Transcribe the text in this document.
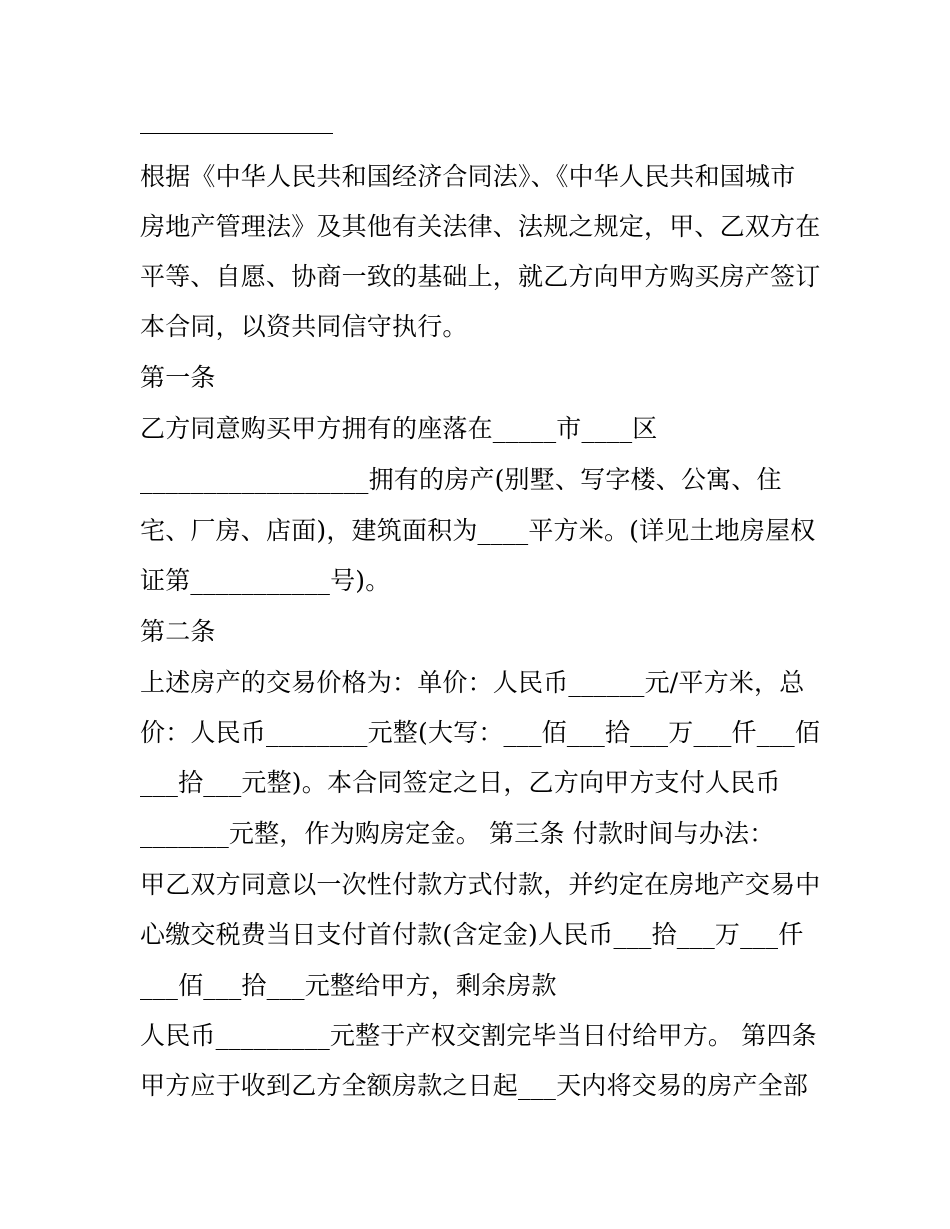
根据《中华人民共和国经济合同法》、《中华人民共和国城市

房地产管理法》及其他有关法律、法规之规定，甲、乙双方在

平等、自愿、协商一致的基础上，就乙方向甲方购买房产签订

本合同，以资共同信守执行。

第一条

乙方同意购买甲方拥有的座落在_____市____区

__________________拥有的房产(别墅、写字楼、公寓、住

宅、厂房、店面)，建筑面积为____平方米。(详见土地房屋权

证第___________号)。

第二条

上述房产的交易价格为：单价：人民币______元/平方米，总

价：人民币________元整(大写：___佰___拾___万___仟___佰

___拾___元整)。本合同签定之日，乙方向甲方支付人民币

_______元整，作为购房定金。 第三条 付款时间与办法：

甲乙双方同意以一次性付款方式付款，并约定在房地产交易中

心缴交税费当日支付首付款(含定金)人民币___拾___万___仟

___佰___拾___元整给甲方，剩余房款

人民币_________元整于产权交割完毕当日付给甲方。 第四条

甲方应于收到乙方全额房款之日起___天内将交易的房产全部
